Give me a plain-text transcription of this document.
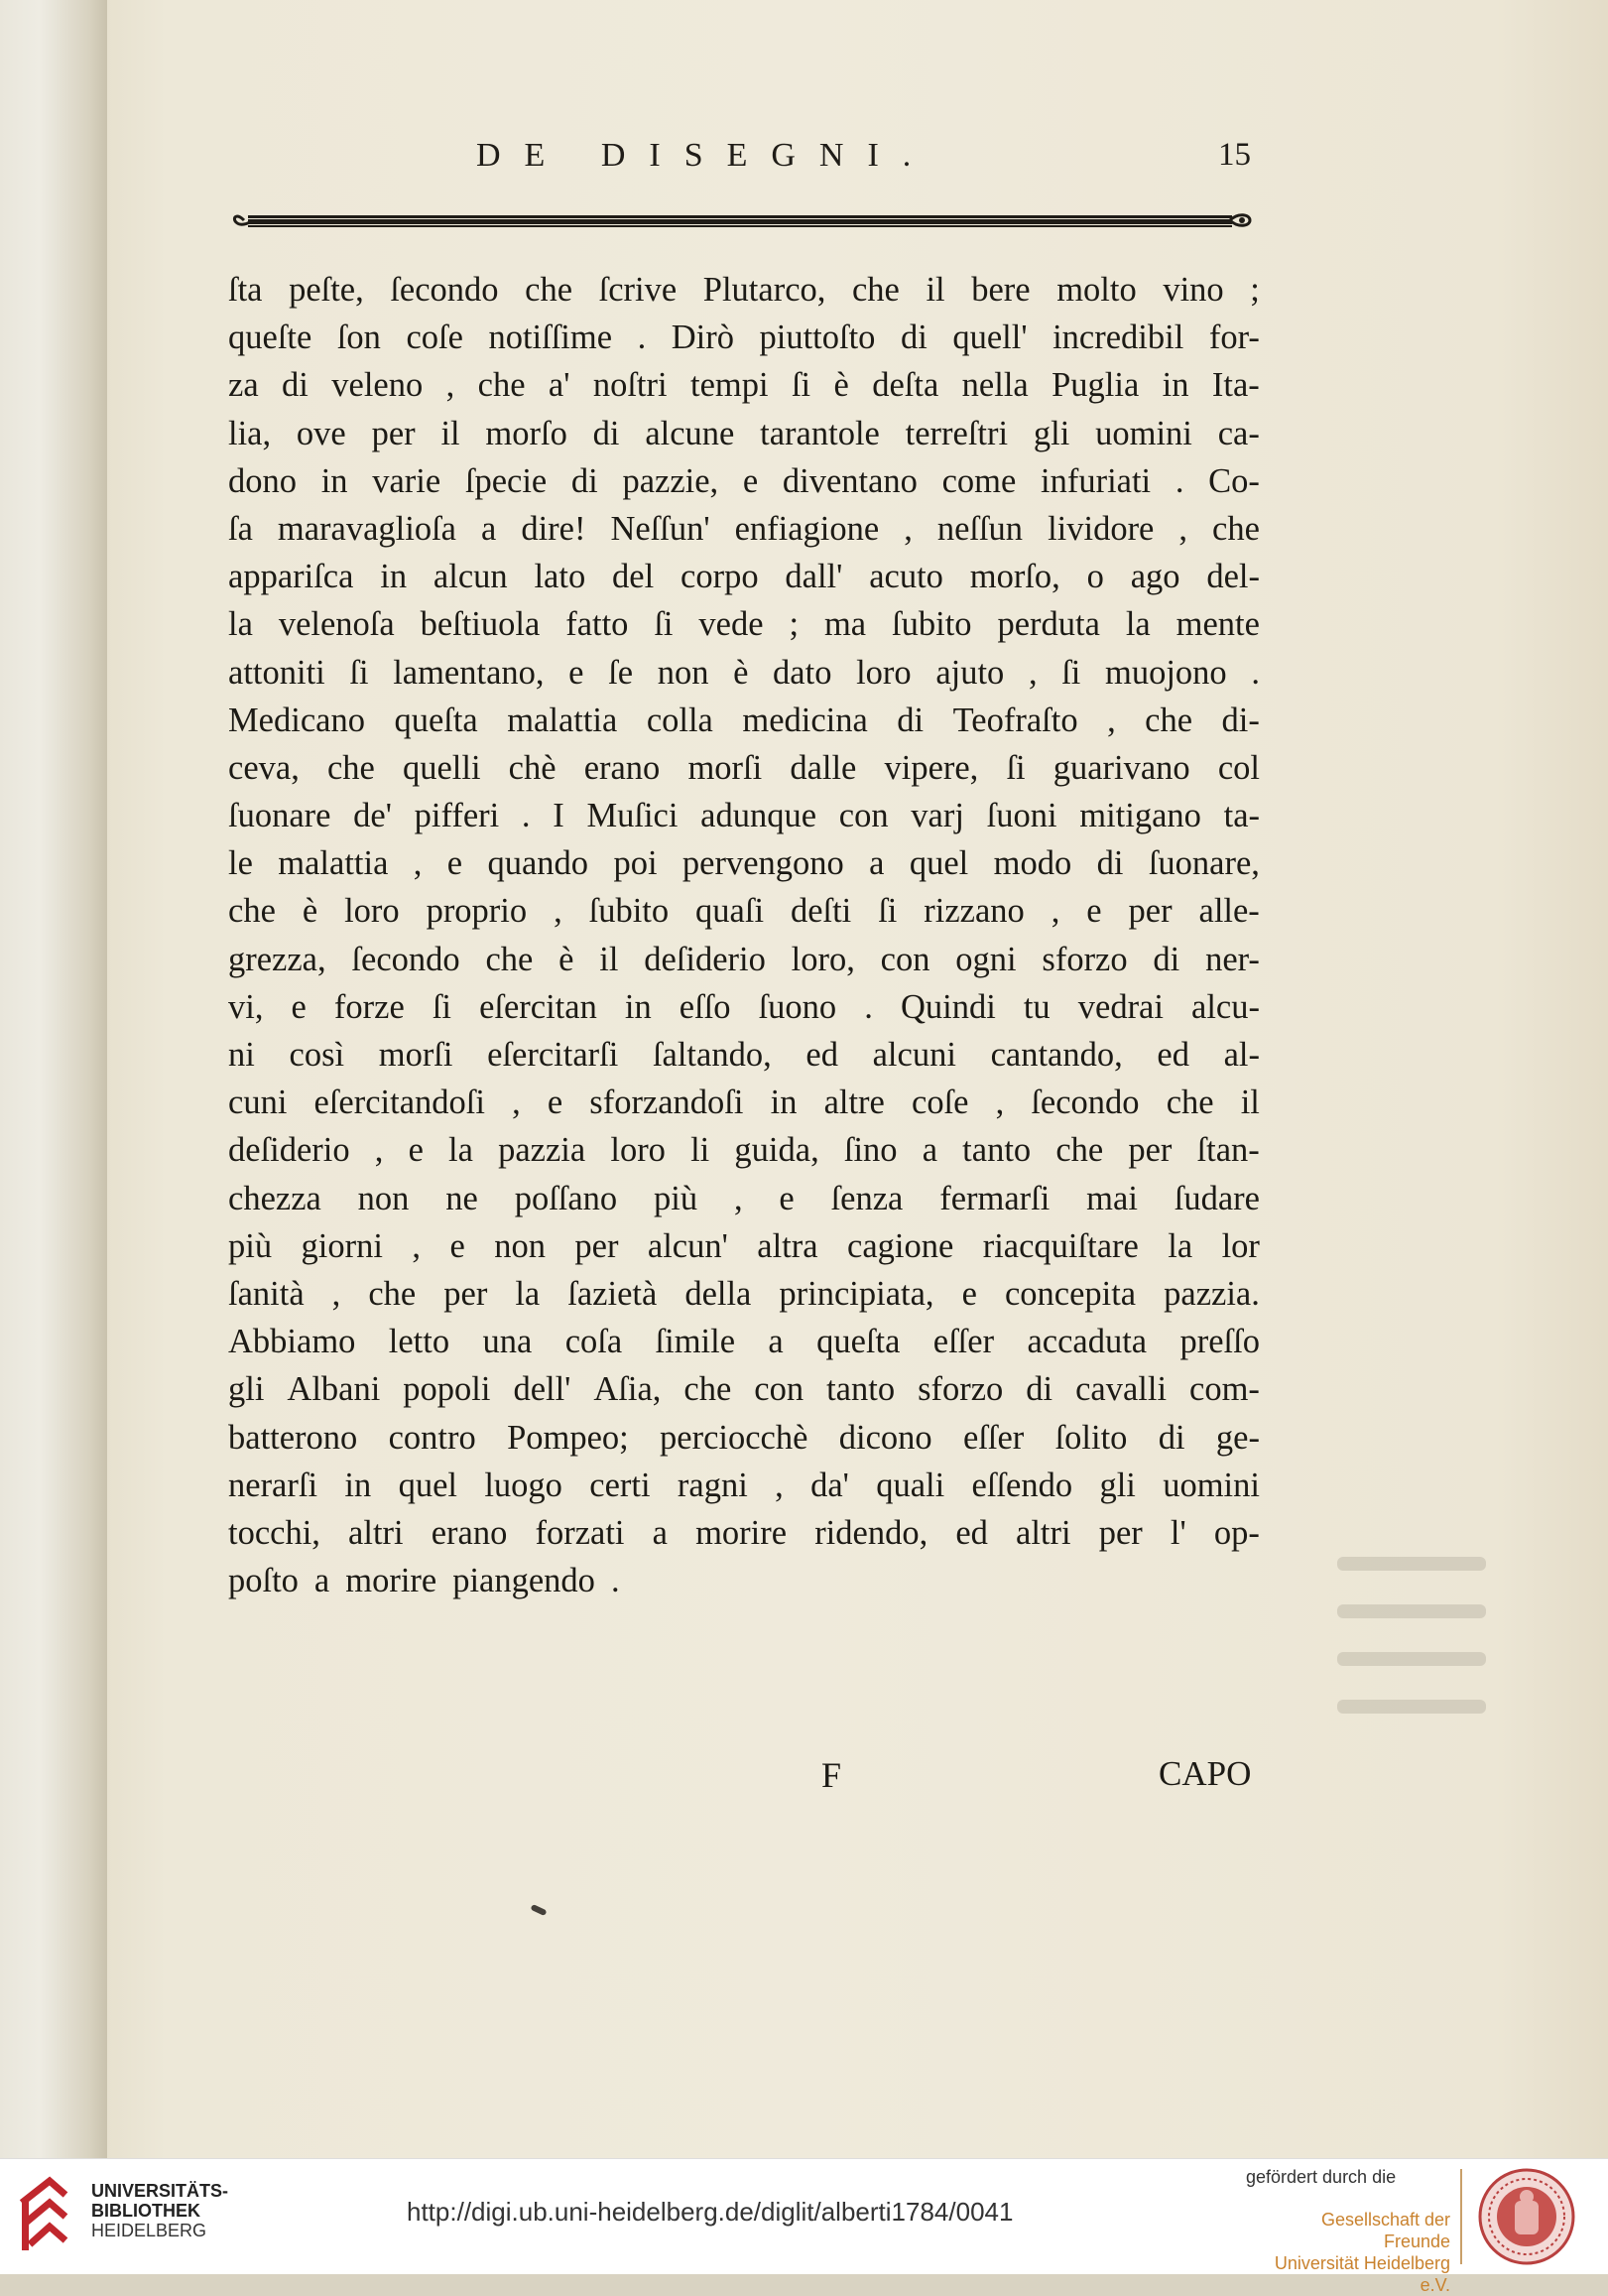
DE DISEGNI.	15
ſta peſte, ſecondo che ſcrive Plutarco, che il bere molto vino ;
queſte ſon coſe notiſſime . Dirò piuttoſto di quell' incredibil for-
za di veleno , che a' noſtri tempi ſi è deſta nella Puglia in Ita-
lia, ove per il morſo di alcune tarantole terreſtri gli uomini ca-
dono in varie ſpecie di pazzie, e diventano come infuriati . Co-
ſa maravaglioſa a dire! Neſſun' enfiagione , neſſun lividore , che
appariſca in alcun lato del corpo dall' acuto morſo, o ago del-
la velenoſa beſtiuola fatto ſi vede ; ma ſubito perduta la mente
attoniti ſi lamentano, e ſe non è dato loro ajuto , ſi muojono .
Medicano queſta malattia colla medicina di Teofraſto , che di-
ceva, che quelli chè erano morſi dalle vipere, ſi guarivano col
ſuonare de' pifferi . I Muſici adunque con varj ſuoni mitigano ta-
le malattia , e quando poi pervengono a quel modo di ſuonare,
che è loro proprio , ſubito quaſi deſti ſi rizzano , e per alle-
grezza, ſecondo che è il deſiderio loro, con ogni sforzo di ner-
vi, e forze ſi eſercitan in eſſo ſuono . Quindi tu vedrai alcu-
ni così morſi eſercitarſi ſaltando, ed alcuni cantando, ed al-
cuni eſercitandoſi , e sforzandoſi in altre coſe , ſecondo che il
deſiderio , e la pazzia loro li guida, ſino a tanto che per ſtan-
chezza non ne poſſano più , e ſenza fermarſi mai ſudare
più giorni , e non per alcun' altra cagione riacquiſtare la lor
ſanità , che per la ſazietà della principiata, e concepita pazzia.
Abbiamo letto una coſa ſimile a queſta eſſer accaduta preſſo
gli Albani popoli dell' Aſia, che con tanto sforzo di cavalli com-
batterono contro Pompeo; perciocchè dicono eſſer ſolito di ge-
nerarſi in quel luogo certi ragni , da' quali eſſendo gli uomini
tocchi, altri erano forzati a morire ridendo, ed altri per l' op-
poſto a morire piangendo .
F	CAPO
UNIVERSITÄTS-
BIBLIOTHEK
HEIDELBERG
http://digi.ub.uni-heidelberg.de/diglit/alberti1784/0041
gefördert durch die
Gesellschaft der Freunde
Universität Heidelberg e.V.
